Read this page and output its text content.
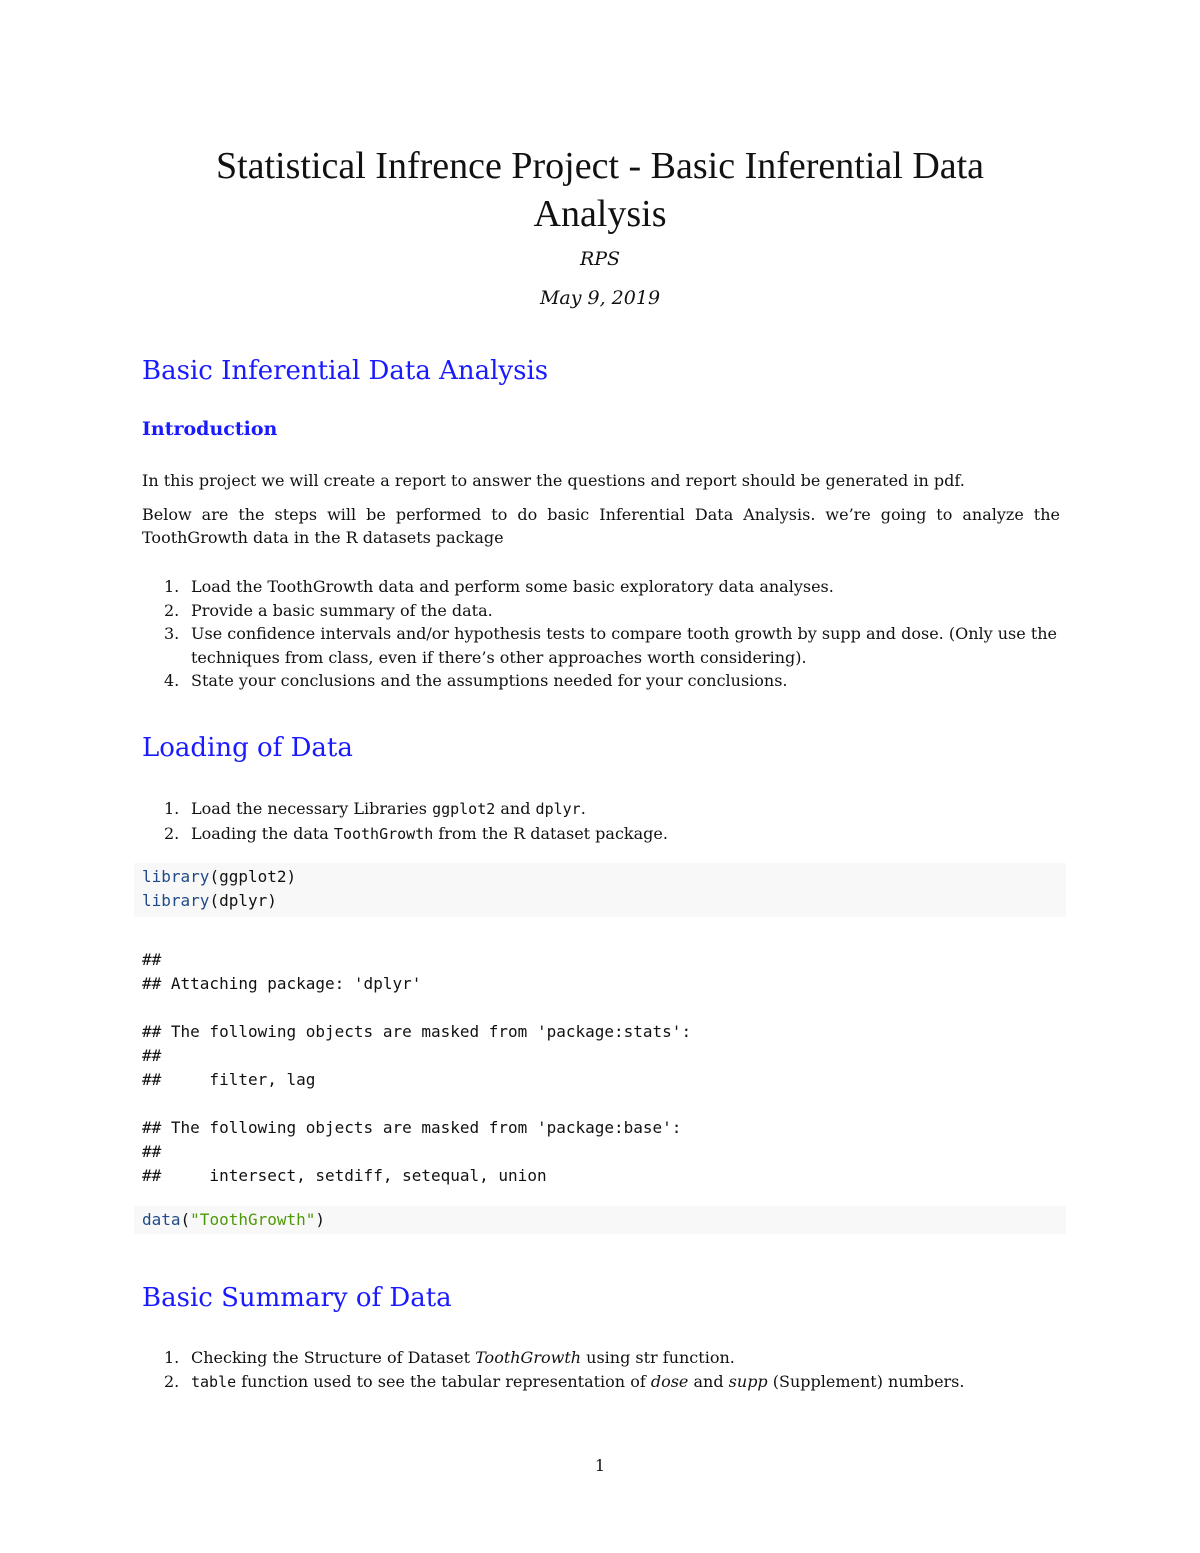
Statistical Infrence Project - Basic Inferential Data Analysis
RPS
May 9, 2019
Basic Inferential Data Analysis
Introduction

In this project we will create a report to answer the questions and report should be generated in pdf.

Below are the steps will be performed to do basic Inferential Data Analysis. we’re going to analyze the ToothGrowth data in the R datasets package

1. Load the ToothGrowth data and perform some basic exploratory data analyses.
2. Provide a basic summary of the data.
3. Use confidence intervals and/or hypothesis tests to compare tooth growth by supp and dose. (Only use the techniques from class, even if there’s other approaches worth considering).
4. State your conclusions and the assumptions needed for your conclusions.
Loading of Data
1. Load the necessary Libraries ggplot2 and dplyr.
2. Loading the data ToothGrowth from the R dataset package.
library(ggplot2)
library(dplyr)
##
## Attaching package: 'dplyr'

## The following objects are masked from 'package:stats':
##
##     filter, lag

## The following objects are masked from 'package:base':
##
##     intersect, setdiff, setequal, union
data("ToothGrowth")
Basic Summary of Data
1. Checking the Structure of Dataset ToothGrowth using str function.
2. table function used to see the tabular representation of dose and supp (Supplement) numbers.
1
